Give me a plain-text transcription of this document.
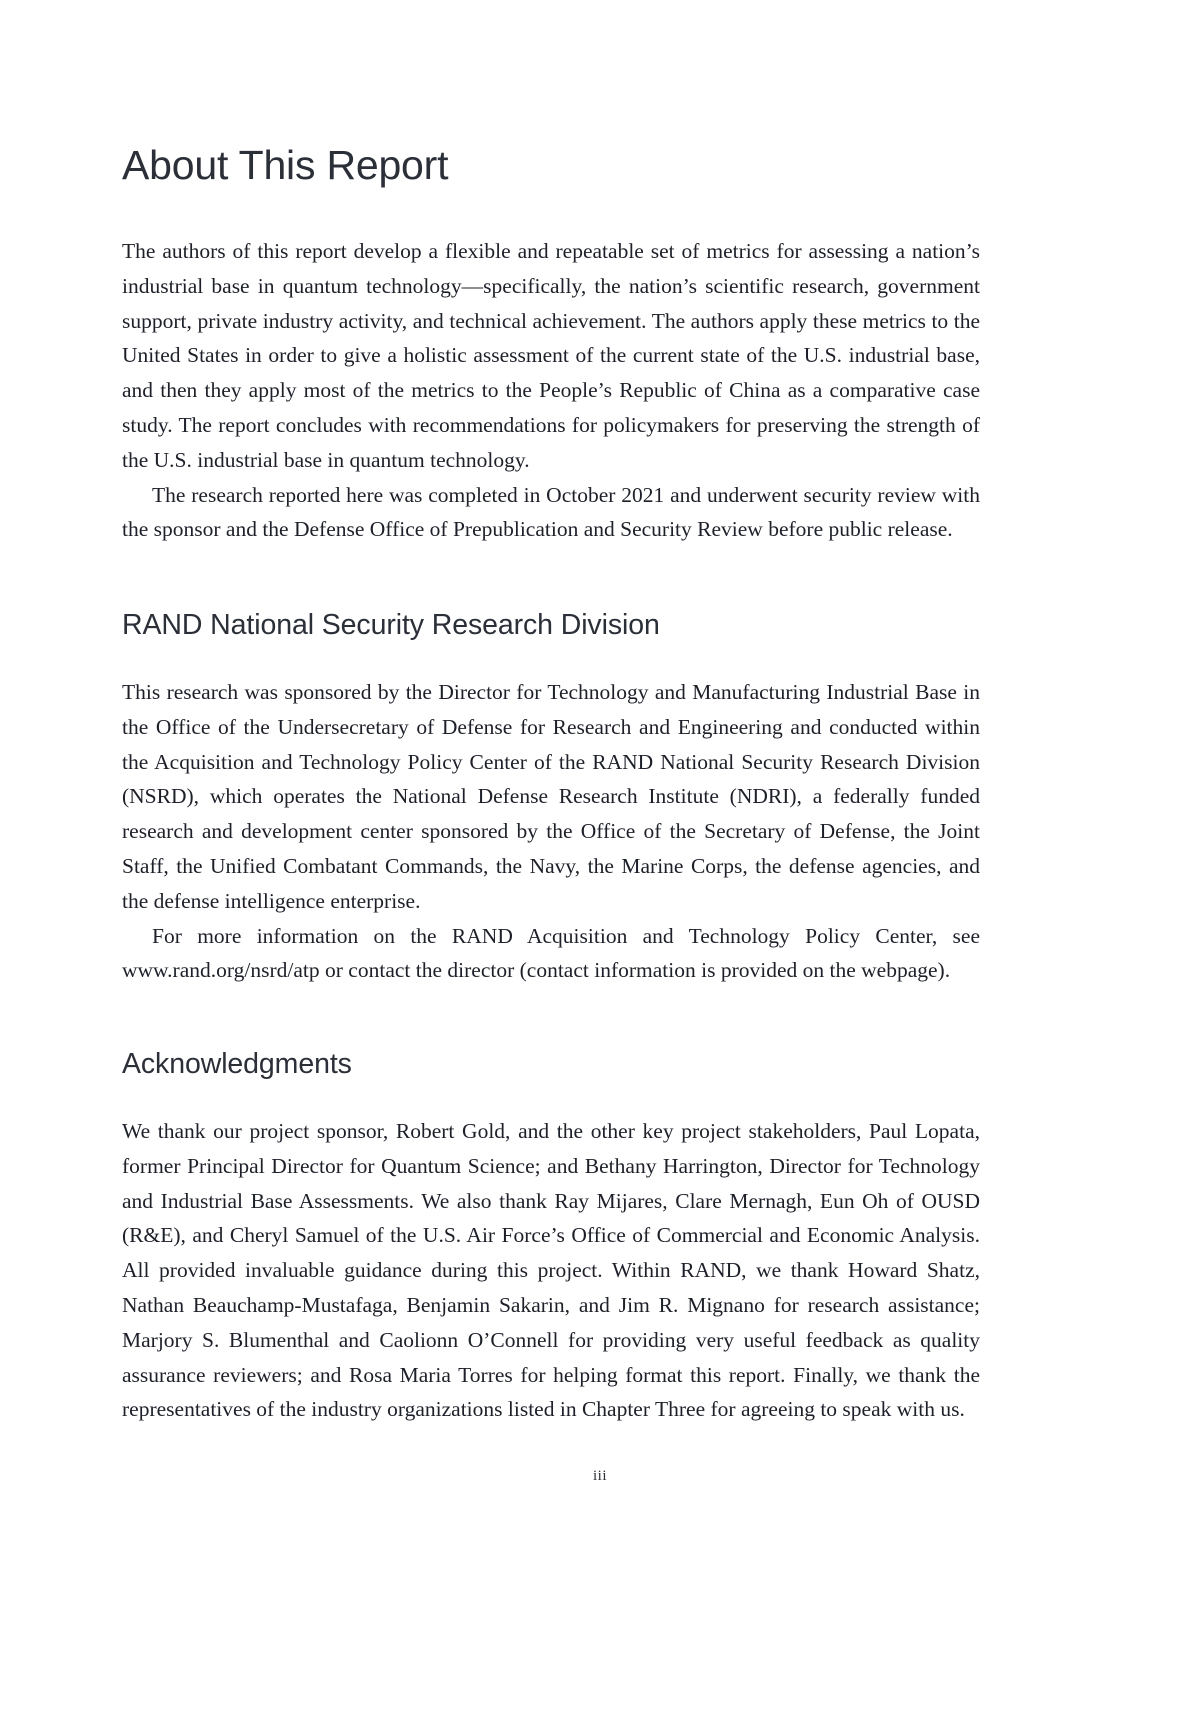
About This Report

The authors of this report develop a flexible and repeatable set of metrics for assessing a nation’s industrial base in quantum technology—specifically, the nation’s scientific research, government support, private industry activity, and technical achievement. The authors apply these metrics to the United States in order to give a holistic assessment of the current state of the U.S. industrial base, and then they apply most of the metrics to the People’s Republic of China as a comparative case study. The report concludes with recommendations for policymakers for preserving the strength of the U.S. industrial base in quantum technology.

The research reported here was completed in October 2021 and underwent security review with the sponsor and the Defense Office of Prepublication and Security Review before public release.

RAND National Security Research Division

This research was sponsored by the Director for Technology and Manufacturing Industrial Base in the Office of the Undersecretary of Defense for Research and Engineering and conducted within the Acquisition and Technology Policy Center of the RAND National Security Research Division (NSRD), which operates the National Defense Research Institute (NDRI), a federally funded research and development center sponsored by the Office of the Secretary of Defense, the Joint Staff, the Unified Combatant Commands, the Navy, the Marine Corps, the defense agencies, and the defense intelligence enterprise.

For more information on the RAND Acquisition and Technology Policy Center, see www.rand.org/nsrd/atp or contact the director (contact information is provided on the webpage).

Acknowledgments

We thank our project sponsor, Robert Gold, and the other key project stakeholders, Paul Lopata, former Principal Director for Quantum Science; and Bethany Harrington, Director for Technology and Industrial Base Assessments. We also thank Ray Mijares, Clare Mernagh, Eun Oh of OUSD (R&E), and Cheryl Samuel of the U.S. Air Force’s Office of Commercial and Economic Analysis. All provided invaluable guidance during this project. Within RAND, we thank Howard Shatz, Nathan Beauchamp-Mustafaga, Benjamin Sakarin, and Jim R. Mignano for research assistance; Marjory S. Blumenthal and Caolionn O’Connell for providing very useful feedback as quality assurance reviewers; and Rosa Maria Torres for helping format this report. Finally, we thank the representatives of the industry organizations listed in Chapter Three for agreeing to speak with us.

iii
